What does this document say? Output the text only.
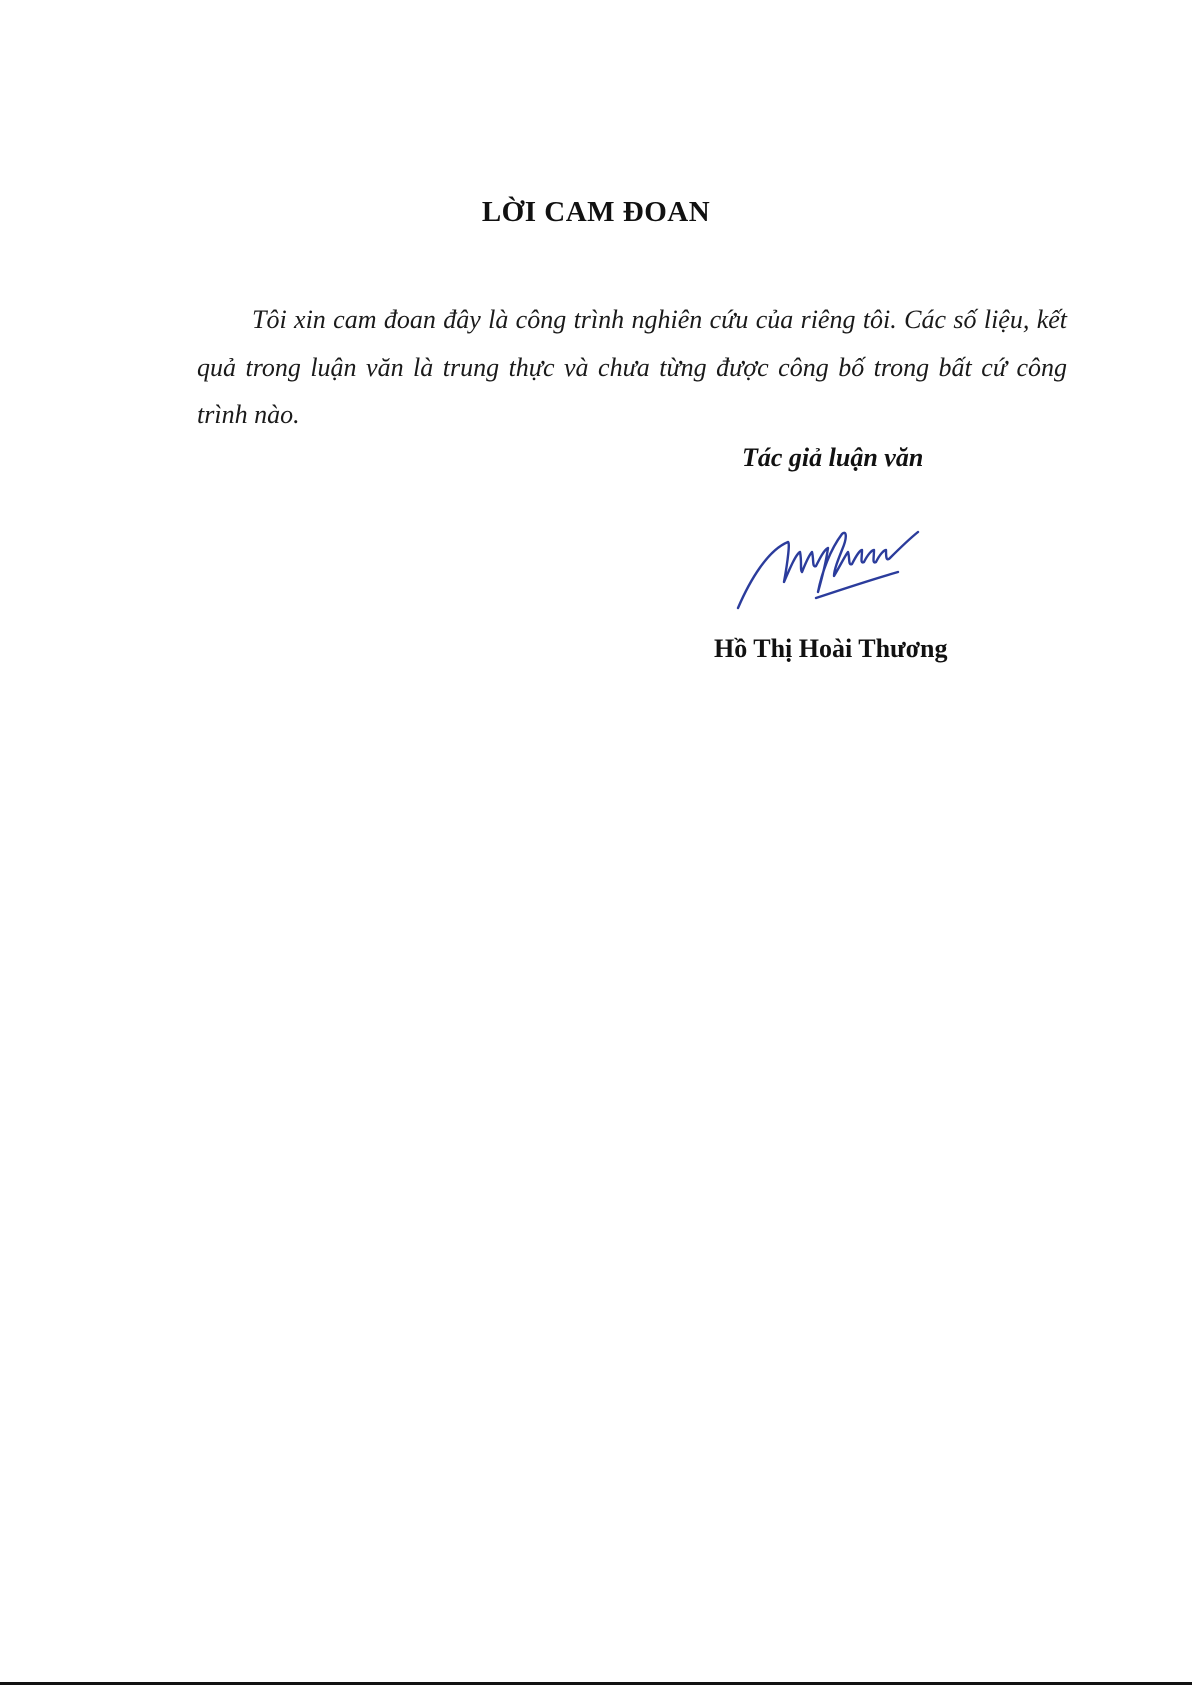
LỜI CAM ĐOAN

Tôi xin cam đoan đây là công trình nghiên cứu của riêng tôi. Các số liệu, kết quả trong luận văn là trung thực và chưa từng được công bố trong bất cứ công trình nào.

Tác giả luận văn

Hồ Thị Hoài Thương
